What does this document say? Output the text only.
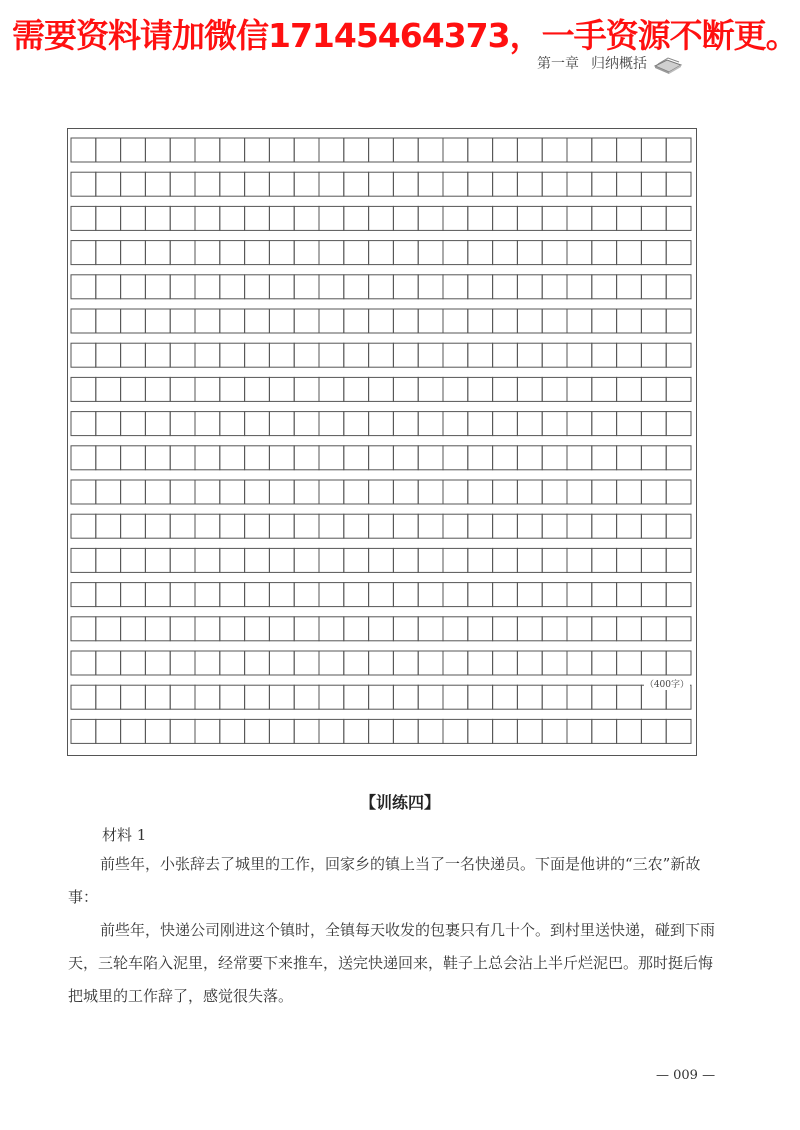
需要资料请加微信17145464373，一手资源不断更。
第一章 归纳概括
（400字）
【训练四】
材料 1

前些年，小张辞去了城里的工作，回家乡的镇上当了一名快递员。下面是他讲的“三农”新故事：

前些年，快递公司刚进这个镇时，全镇每天收发的包裹只有几十个。到村里送快递，碰到下雨天，三轮车陷入泥里，经常要下来推车，送完快递回来，鞋子上总会沾上半斤烂泥巴。那时挺后悔把城里的工作辞了，感觉很失落。

— 009 —
